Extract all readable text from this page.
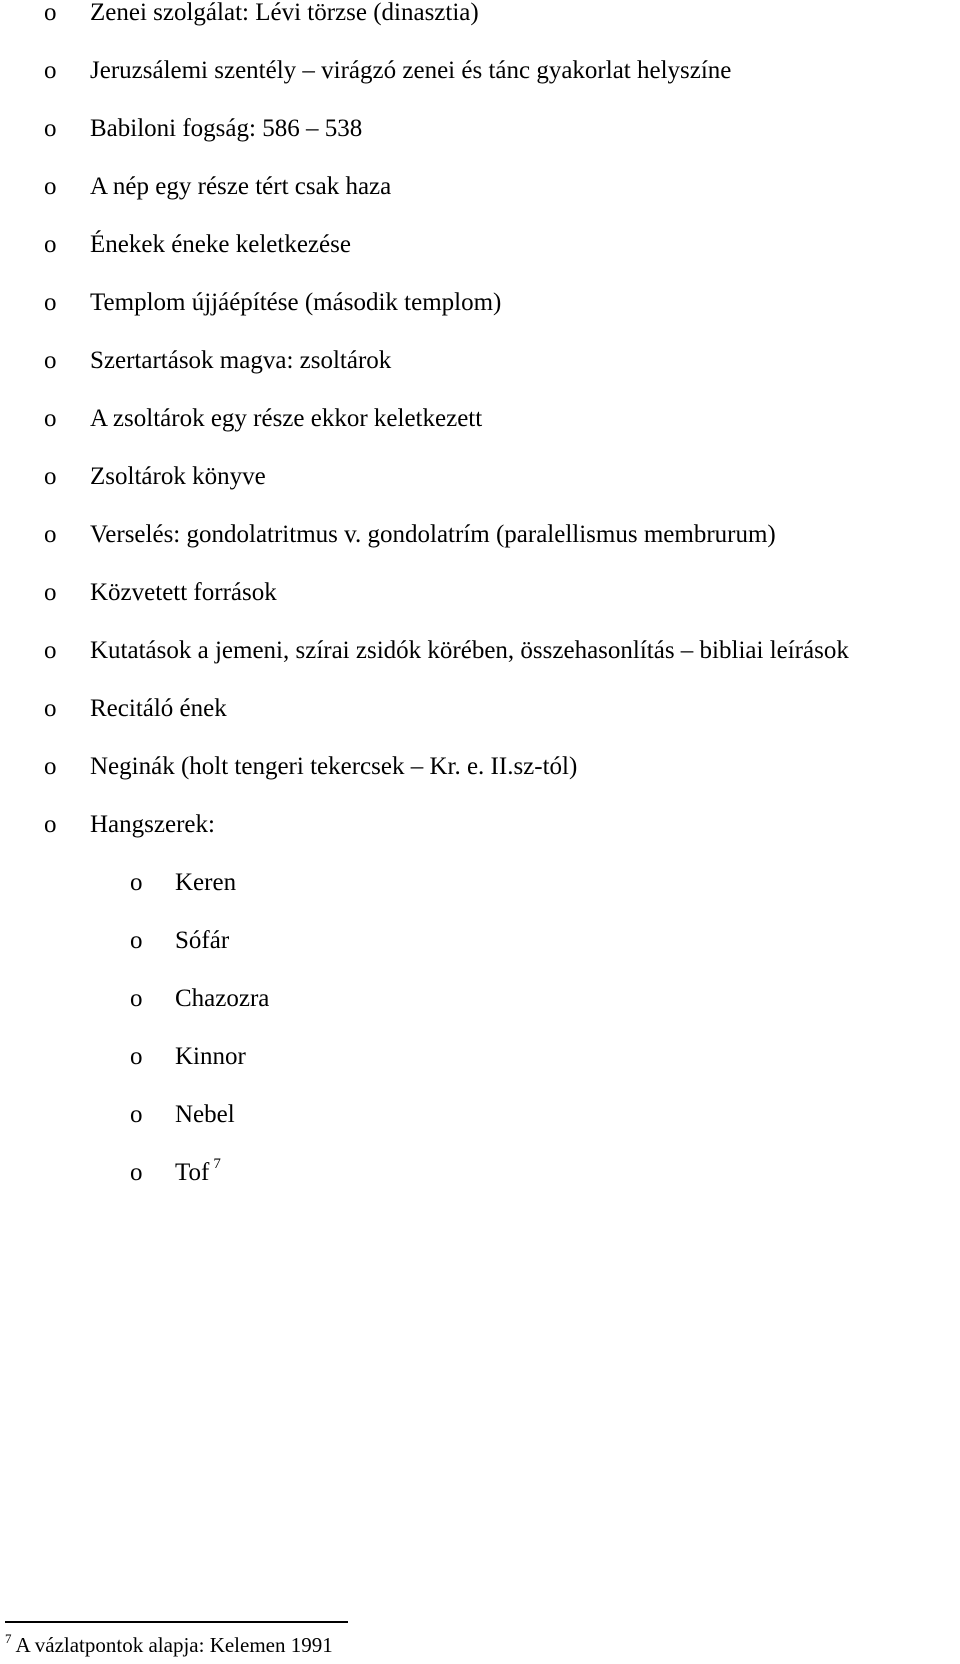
o Zenei szolgálat: Lévi törzse (dinasztia)
o Jeruzsálemi szentély – virágzó zenei és tánc gyakorlat helyszíne
o Babiloni fogság: 586 – 538
o A nép egy része tért csak haza
o Énekek éneke keletkezése
o Templom újjáépítése (második templom)
o Szertartások magva: zsoltárok
o A zsoltárok egy része ekkor keletkezett
o Zsoltárok könyve
o Verselés: gondolatritmus v. gondolatrím (paralellismus membrurum)
o Közvetett források
o Kutatások a jemeni, szírai zsidók körében, összehasonlítás – bibliai leírások
o Recitáló ének
o Neginák (holt tengeri tekercsek – Kr. e. II.sz-tól)
o Hangszerek:
o Keren
o Sófár
o Chazozra
o Kinnor
o Nebel
o Tof $^7$
$^7$ A vázlatpontok alapja: Kelemen 1991
